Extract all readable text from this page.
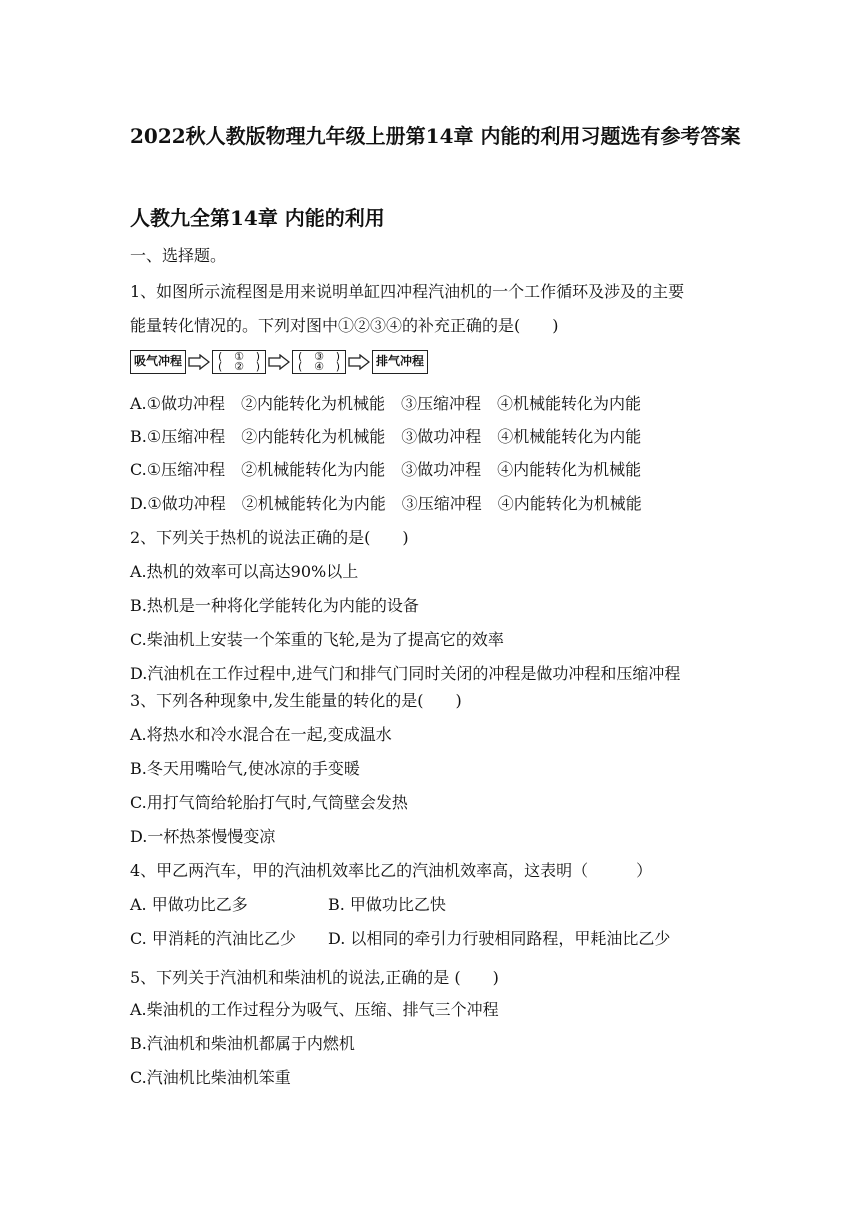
2022秋人教版物理九年级上册第14章 内能的利用习题选有参考答案
人教九全第14章 内能的利用

一、选择题。

1、如图所示流程图是用来说明单缸四冲程汽油机的一个工作循环及涉及的主要

能量转化情况的。下列对图中①②③④的补充正确的是(　　)

吸气冲程	( ① )
( ② )
( ③ )
( ④ )	排气冲程

A.①做功冲程　②内能转化为机械能　③压缩冲程　④机械能转化为内能

B.①压缩冲程　②内能转化为机械能　③做功冲程　④机械能转化为内能

C.①压缩冲程　②机械能转化为内能　③做功冲程　④内能转化为机械能

D.①做功冲程　②机械能转化为内能　③压缩冲程　④内能转化为机械能

2、下列关于热机的说法正确的是(　　)

A.热机的效率可以高达90%以上

B.热机是一种将化学能转化为内能的设备

C.柴油机上安装一个笨重的飞轮,是为了提高它的效率

D.汽油机在工作过程中,进气门和排气门同时关闭的冲程是做功冲程和压缩冲程

3、下列各种现象中,发生能量的转化的是(　　)

A.将热水和冷水混合在一起,变成温水

B.冬天用嘴哈气,使冰凉的手变暖

C.用打气筒给轮胎打气时,气筒壁会发热

D.一杯热茶慢慢变凉

4、甲乙两汽车，甲的汽油机效率比乙的汽油机效率高，这表明（　　　）

A. 甲做功比乙多	B. 甲做功比乙快

C. 甲消耗的汽油比乙少 D. 以相同的牵引力行驶相同路程，甲耗油比乙少

5、下列关于汽油机和柴油机的说法,正确的是 (　　)

A.柴油机的工作过程分为吸气、压缩、排气三个冲程

B.汽油机和柴油机都属于内燃机

C.汽油机比柴油机笨重
